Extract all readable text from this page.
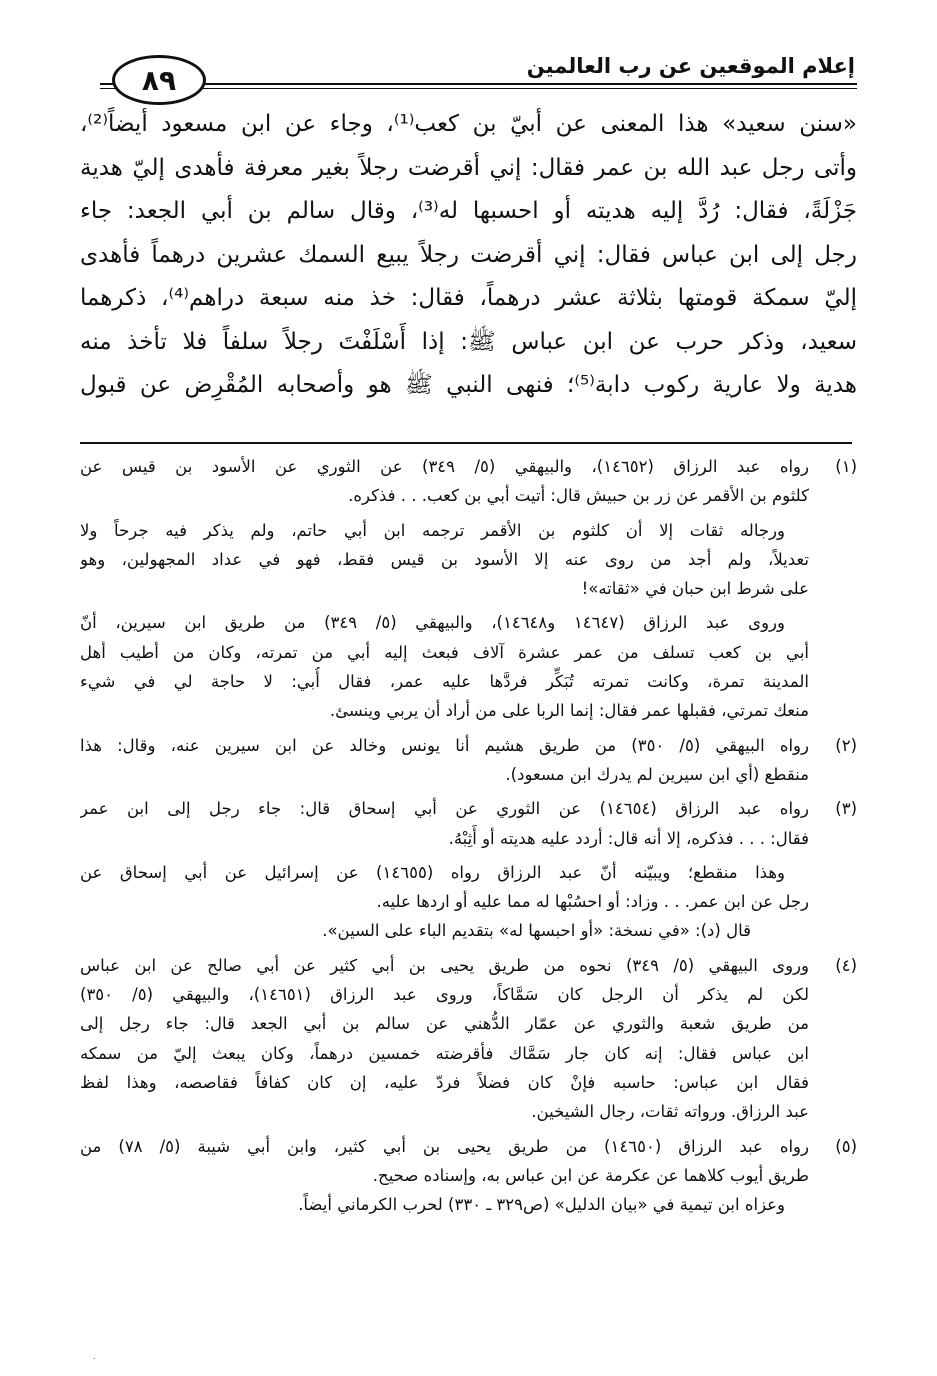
إعلام الموقعين عن رب العالمين
٨٩
«سنن سعيد» هذا المعنى عن أبيّ بن كعب⁽¹⁾، وجاء عن ابن مسعود أيضاً⁽²⁾،
وأتى رجل عبد الله بن عمر فقال: إني أقرضت رجلاً بغير معرفة فأهدى إليّ هدية
جَزْلَةً، فقال: رُدَّ إليه هديته أو احسبها له⁽³⁾، وقال سالم بن أبي الجعد: جاء
رجل إلى ابن عباس فقال: إني أقرضت رجلاً يبيع السمك عشرين درهماً فأهدى
إليّ سمكة قومتها بثلاثة عشر درهماً، فقال: خذ منه سبعة دراهم⁽⁴⁾، ذكرهما
سعيد، وذكر حرب عن ابن عباس ﷺ: إذا أَسْلَفْتَ رجلاً سلفاً فلا تأخذ منه
هدية ولا عارية ركوب دابة⁽⁵⁾؛ فنهى النبي ﷺ هو وأصحابه المُقْرِض عن قبول
(١)
رواه عبد الرزاق (١٤٦٥٢)، والبيهقي (٥/ ٣٤٩) عن الثوري عن الأسود بن قيس عن
كلثوم بن الأقمر عن زر بن حبيش قال: أتيت أبي بن كعب. . . فذكره.
ورجاله ثقات إلا أن كلثوم بن الأقمر ترجمه ابن أبي حاتم، ولم يذكر فيه جرحاً ولا
تعديلاً، ولم أجد من روى عنه إلا الأسود بن قيس فقط، فهو في عداد المجهولين، وهو
على شرط ابن حبان في «ثقاته»!
وروى عبد الرزاق (١٤٦٤٧ و١٤٦٤٨)، والبيهقي (٥/ ٣٤٩) من طريق ابن سيرين، أنّ
أبي بن كعب تسلف من عمر عشرة آلاف فبعث إليه أبي من تمرته، وكان من أطيب أهل
المدينة تمرة، وكانت تمرته تُبَكِّر فردَّها عليه عمر، فقال أُبي: لا حاجة لي في شيء
منعك تمرتي، فقبلها عمر فقال: إنما الربا على من أراد أن يربي وينسئ.
(٢)
رواه البيهقي (٥/ ٣٥٠) من طريق هشيم أنا يونس وخالد عن ابن سيرين عنه، وقال: هذا
منقطع (أي ابن سيرين لم يدرك ابن مسعود).
(٣)
رواه عبد الرزاق (١٤٦٥٤) عن الثوري عن أبي إسحاق قال: جاء رجل إلى ابن عمر
فقال: . . . فذكره، إلا أنه قال: أردد عليه هديته أو أَثِبْهُ.
وهذا منقطع؛ ويبيّنه أنّ عبد الرزاق رواه (١٤٦٥٥) عن إسرائيل عن أبي إسحاق عن
رجل عن ابن عمر. . . وزاد: أو احسُبْها له مما عليه أو اردها عليه.
قال (د): «في نسخة: «أو احبسها له» بتقديم الباء على السين».
(٤)
وروى البيهقي (٥/ ٣٤٩) نحوه من طريق يحيى بن أبي كثير عن أبي صالح عن ابن عباس
لكن لم يذكر أن الرجل كان سَمَّاكاً، وروى عبد الرزاق (١٤٦٥١)، والبيهقي (٥/ ٣٥٠)
من طريق شعبة والثوري عن عمّار الدُّهني عن سالم بن أبي الجعد قال: جاء رجل إلى
ابن عباس فقال: إنه كان جار سَمَّاك فأقرضته خمسين درهماً، وكان يبعث إليّ من سمكه
فقال ابن عباس: حاسبه فإنْ كان فضلاً فردّ عليه، إن كان كفافاً فقاصصه، وهذا لفظ
عبد الرزاق. ورواته ثقات، رجال الشيخين.
(٥)
رواه عبد الرزاق (١٤٦٥٠) من طريق يحيى بن أبي كثير، وابن أبي شيبة (٥/ ٧٨) من
طريق أيوب كلاهما عن عكرمة عن ابن عباس به، وإسناده صحيح.
وعزاه ابن تيمية في «بيان الدليل» (ص٣٢٩ ـ ٣٣٠) لحرب الكرماني أيضاً.
.
